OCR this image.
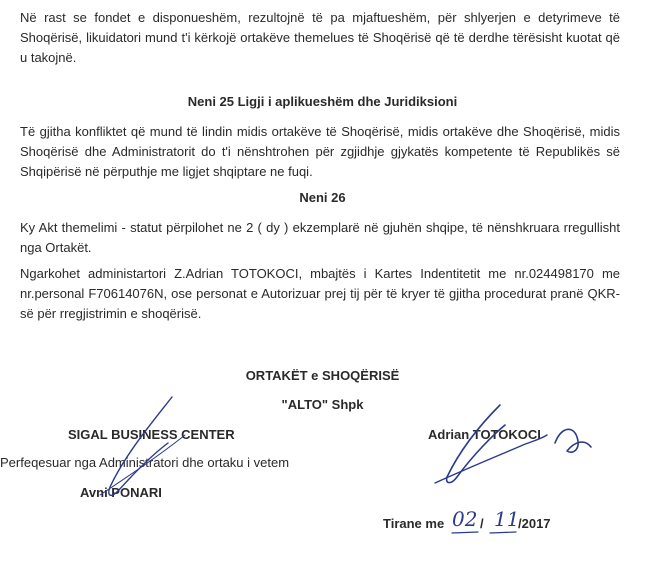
Në rast se fondet e disponueshëm, rezultojnë të pa mjaftueshëm, për shlyerjen e detyrimeve të Shoqërisë, likuidatori mund t'i kërkojë ortakëve themelues të Shoqërisë që të derdhe tërësisht kuotat që u takojnë.

Neni 25 Ligji i aplikueshëm dhe Juridiksioni

Të gjitha konfliktet që mund të lindin midis ortakëve të Shoqërisë, midis ortakëve dhe Shoqërisë, midis Shoqërisë dhe Administratorit do t'i nënshtrohen për zgjidhje gjykatës kompetente të Republikës së Shqipërisë në përputhje me ligjet shqiptare ne fuqi.

Neni 26

Ky Akt themelimi - statut përpilohet ne 2 ( dy ) ekzemplarë në gjuhën shqipe, të nënshkruara rregullisht nga Ortakët.

Ngarkohet administartori Z.Adrian TOTOKOCI, mbajtës i Kartes Indentitetit me nr.024498170 me nr.personal F70614076N, ose personat e Autorizuar prej tij për të kryer të gjitha procedurat pranë QKR-së për rregjistrimin e shoqërisë.

ORTAKËT e SHOQËRISË

"ALTO" Shpk

SIGAL BUSINESS CENTER

Perfeqesuar nga Administratori dhe ortaku i vetem

Avni PONARI

Adrian TOTOKOCI

Tirane me 02 / 11
/2017
